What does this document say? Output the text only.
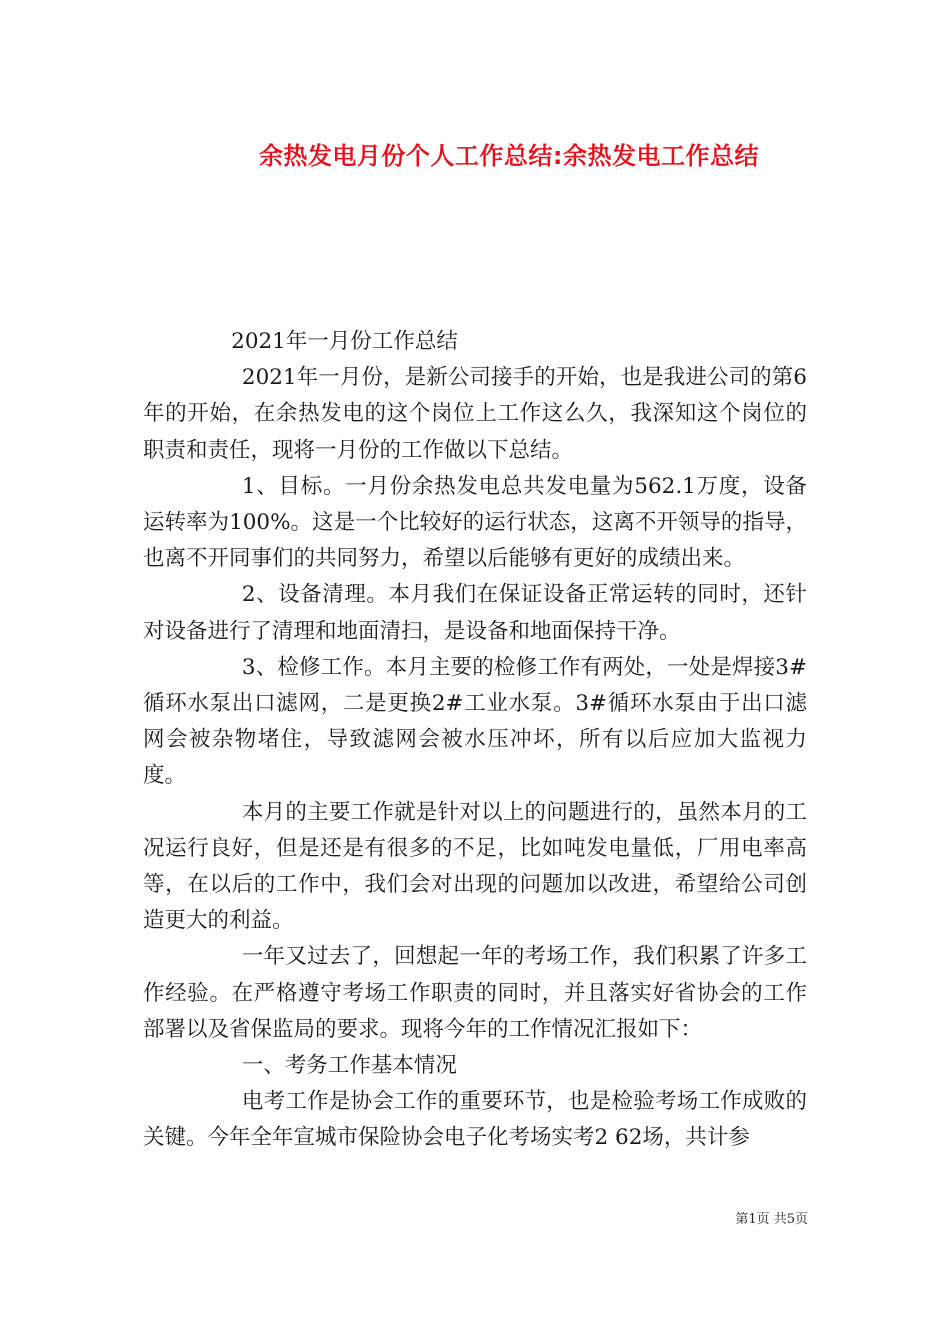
余热发电月份个人工作总结:余热发电工作总结

2021年一月份工作总结

2021年一月份，是新公司接手的开始，也是我进公司的第6年的开始，在余热发电的这个岗位上工作这么久，我深知这个岗位的职责和责任，现将一月份的工作做以下总结。

1、目标。一月份余热发电总共发电量为562.1万度，设备运转率为100%。这是一个比较好的运行状态，这离不开领导的指导，也离不开同事们的共同努力，希望以后能够有更好的成绩出来。

2、设备清理。本月我们在保证设备正常运转的同时，还针对设备进行了清理和地面清扫，是设备和地面保持干净。

3、检修工作。本月主要的检修工作有两处，一处是焊接3#循环水泵出口滤网，二是更换2#工业水泵。3#循环水泵由于出口滤网会被杂物堵住，导致滤网会被水压冲坏，所有以后应加大监视力度。

本月的主要工作就是针对以上的问题进行的，虽然本月的工况运行良好，但是还是有很多的不足，比如吨发电量低，厂用电率高等，在以后的工作中，我们会对出现的问题加以改进，希望给公司创造更大的利益。

一年又过去了，回想起一年的考场工作，我们积累了许多工作经验。在严格遵守考场工作职责的同时，并且落实好省协会的工作部署以及省保监局的要求。现将今年的工作情况汇报如下：

一、考务工作基本情况

电考工作是协会工作的重要环节，也是检验考场工作成败的关键。今年全年宣城市保险协会电子化考场实考2 62场，共计参

第1页 共5页
